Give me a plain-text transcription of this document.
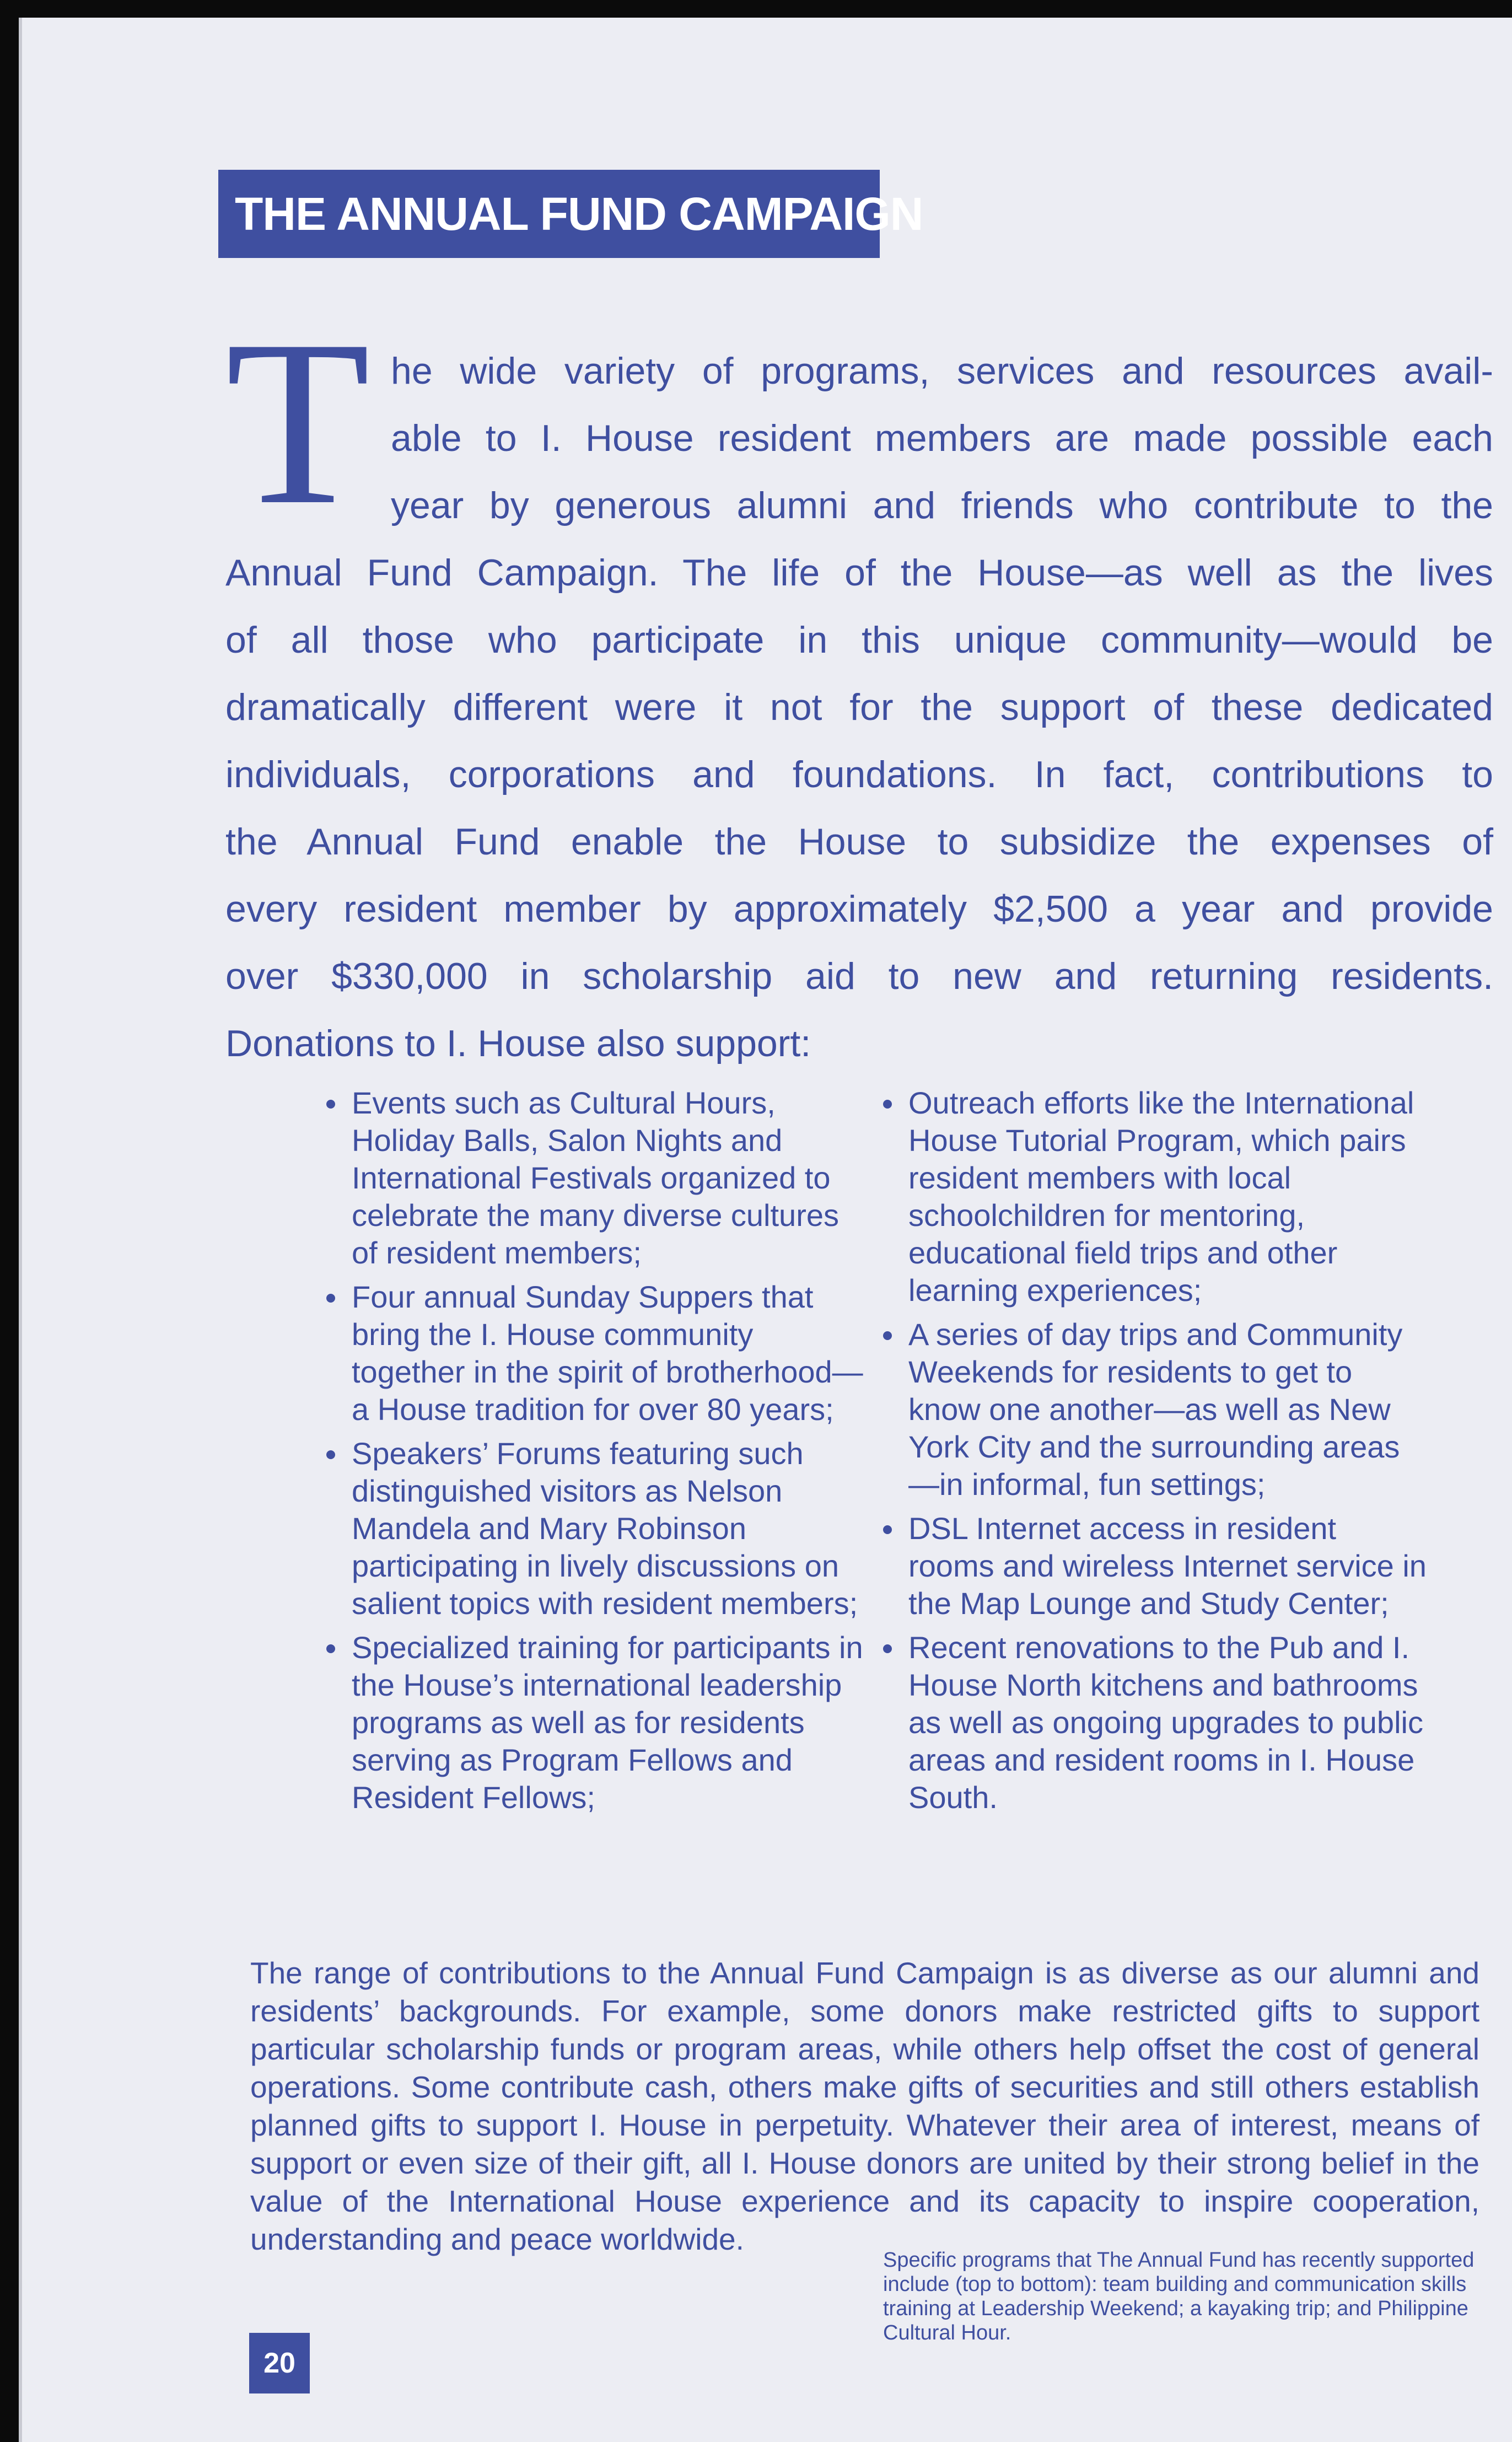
THE ANNUAL FUND CAMPAIGN
T he wide variety of programs, services and resources avail-
able to I. House resident members are made possible each
year by generous alumni and friends who contribute to the
Annual Fund Campaign. The life of the House—as well as the lives
of all those who participate in this unique community—would be
dramatically different were it not for the support of these dedicated
individuals, corporations and foundations. In fact, contributions to
the Annual Fund enable the House to subsidize the expenses of
every resident member by approximately $2,500 a year and provide
over $330,000 in scholarship aid to new and returning residents.
Donations to I. House also support:
Events such as Cultural Hours, Holiday Balls, Salon Nights and International Festivals organized to celebrate the many diverse cultures of resident members;
Four annual Sunday Suppers that bring the I. House community together in the spirit of brotherhood—a House tradition for over 80 years;
Speakers’ Forums featuring such distinguished visitors as Nelson Mandela and Mary Robinson participating in lively discussions on salient topics with resident members;
Specialized training for participants in the House’s international leadership programs as well as for residents serving as Program Fellows and Resident Fellows;
Outreach efforts like the International House Tutorial Program, which pairs resident members with local schoolchildren for mentoring, educational field trips and other learning experiences;
A series of day trips and Community Weekends for residents to get to know one another—as well as New York City and the surrounding areas —in informal, fun settings;
DSL Internet access in resident rooms and wireless Internet service in the Map Lounge and Study Center;
Recent renovations to the Pub and I. House North kitchens and bathrooms as well as ongoing upgrades to public areas and resident rooms in I. House South.

The range of contributions to the Annual Fund Campaign is as diverse as our alumni and residents’ backgrounds. For example, some donors make restricted gifts to support particular scholarship funds or program areas, while others help offset the cost of general operations. Some contribute cash, others make gifts of securities and still others establish planned gifts to support I. House in perpetuity. Whatever their area of interest, means of support or even size of their gift, all I. House donors are united by their strong belief in the value of the International House experience and its capacity to inspire cooperation, understanding and peace worldwide.

Specific programs that The Annual Fund has recently supported include (top to bottom): team building and communication skills training at Leadership Weekend; a kayaking trip; and Philippine Cultural Hour.
20
